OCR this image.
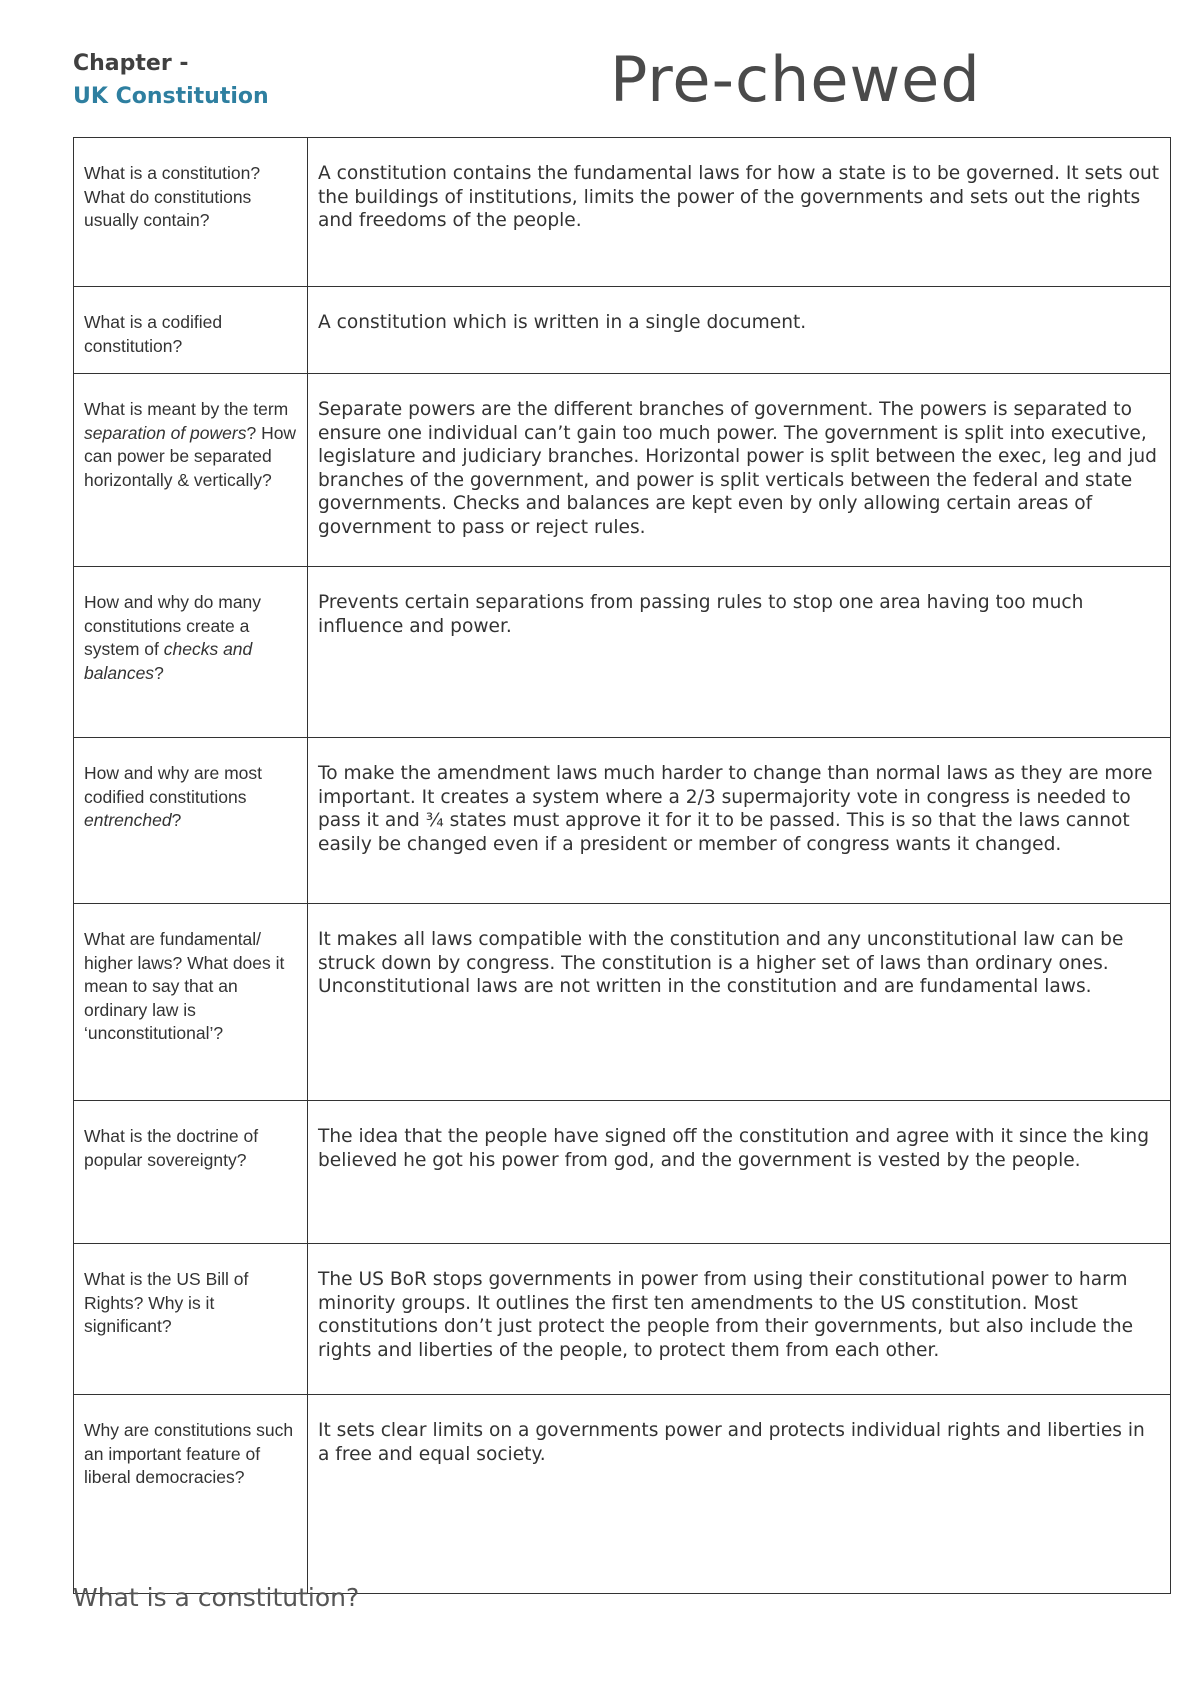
Chapter -
UK Constitution	Pre-chewed
What is a constitution? What do constitutions usually contain?	A constitution contains the fundamental laws for how a state is to be governed. It sets out the buildings of institutions, limits the power of the governments and sets out the rights and freedoms of the people.
What is a codified constitution?	A constitution which is written in a single document.
What is meant by the term separation of powers? How can power be separated horizontally & vertically?	Separate powers are the different branches of government. The powers is separated to ensure one individual can’t gain too much power. The government is split into executive, legislature and judiciary branches. Horizontal power is split between the exec, leg and jud branches of the government, and power is split verticals between the federal and state governments. Checks and balances are kept even by only allowing certain areas of government to pass or reject rules.
How and why do many constitutions create a system of checks and balances?	Prevents certain separations from passing rules to stop one area having too much influence and power.
How and why are most codified constitutions entrenched?	To make the amendment laws much harder to change than normal laws as they are more important. It creates a system where a 2/3 supermajority vote in congress is needed to pass it and ¾ states must approve it for it to be passed. This is so that the laws cannot easily be changed even if a president or member of congress wants it changed.
What are fundamental/ higher laws? What does it mean to say that an ordinary law is ‘unconstitutional’?	It makes all laws compatible with the constitution and any unconstitutional law can be struck down by congress. The constitution is a higher set of laws than ordinary ones. Unconstitutional laws are not written in the constitution and are fundamental laws.
What is the doctrine of popular sovereignty?	The idea that the people have signed off the constitution and agree with it since the king believed he got his power from god, and the government is vested by the people.
What is the US Bill of Rights? Why is it significant?	The US BoR stops governments in power from using their constitutional power to harm minority groups. It outlines the first ten amendments to the US constitution. Most constitutions don’t just protect the people from their governments, but also include the rights and liberties of the people, to protect them from each other.
Why are constitutions such an important feature of liberal democracies?	It sets clear limits on a governments power and protects individual rights and liberties in a free and equal society.
What is a constitution?
